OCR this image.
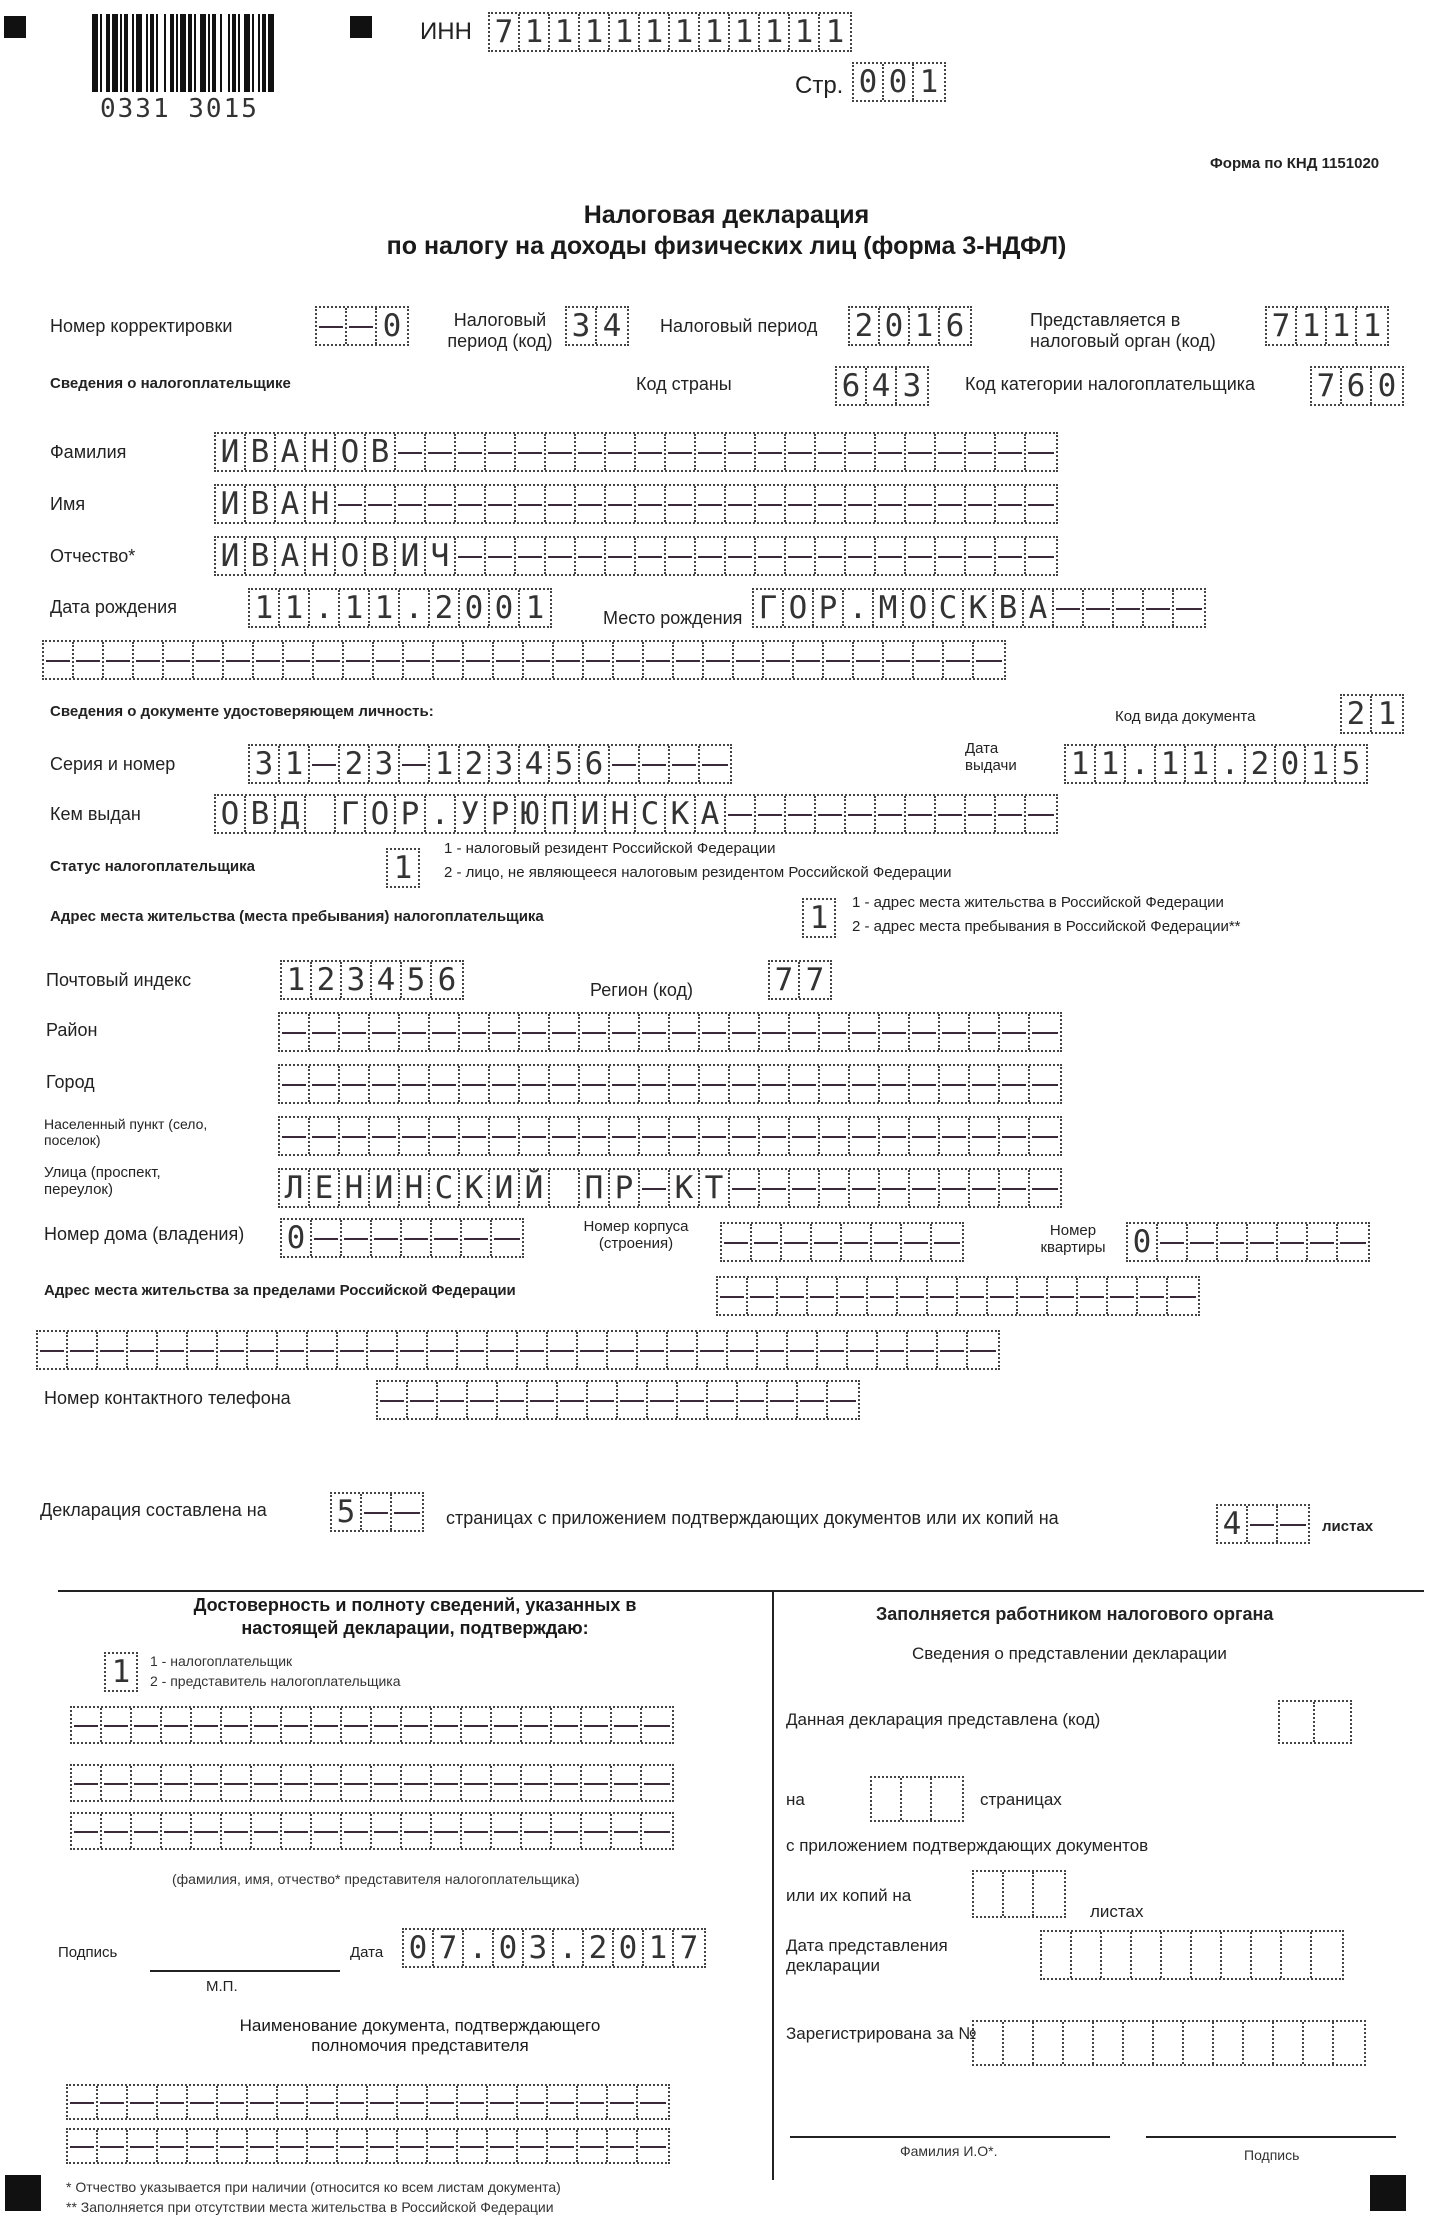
0331 3015
ИНН 7 1 1 1 1 1 1 1 1 1 1 1
Стр. 0 0 1
Форма по КНД 1151020
Налоговая декларация
по налогу на доходы физических лиц (форма 3-НДФЛ)
Номер корректировки	0	Налоговый период (код) 3 4	Налоговый период 2 0 1 6	Представляется в налоговый орган (код)	7 1 1 1
Сведения о налогоплательщике	Код страны	6 4 3	Код категории налогоплательщика 7 6 0
Фамилия	И В А Н О В
Имя	И В А Н
Отчество*	И В А Н О В И Ч
Дата рождения	1 1 . 1 1 . 2 0 0 1	Место рождения Г О Р . М О С К В А
Сведения о документе удостоверяющем личность:	Код вида документа	2 1
Серия и номер	3 1 2 3 1 2 3 4 5 6	Дата выдачи	1 1 . 1 1 . 2 0 1 5
Кем выдан	О В Д Г О Р . У Р Ю П И Н С К А
Статус налогоплательщика	1
1 - налоговый резидент Российской Федерации
2 - лицо, не являющееся налоговым резидентом Российской Федерации
Адрес места жительства (места пребывания) налогоплательщика	1	1 - адрес места жительства в Российской Федерации
2 - адрес места пребывания в Российской Федерации**
Почтовый индекс	1 2 3 4 5 6	Регион (код)	7 7
Район
Город
Населенный пункт (село, поселок)
Улица (проспект, переулок)	Л Е Н И Н С К И Й П Р К Т
Номер дома (владения) 0	Номер корпуса (строения)
Номер квартиры 0
Адрес места жительства за пределами Российской Федерации
Номер контактного телефона
Декларация составлена на 5	страницах с приложением подтверждающих документов или их копий на	4	листах
Достоверность и полноту сведений, указанных в настоящей декларации, подтверждаю:
1	1 - налогоплательщик
2 - представитель налогоплательщика
(фамилия, имя, отчество* представителя налогоплательщика)
Подпись
М.П.
Дата 0 7 . 0 3 . 2 0 1 7
Наименование документа, подтверждающего полномочия представителя
* Отчество указывается при наличии (относится ко всем листам документа)
** Заполняется при отсутствии места жительства в Российской Федерации
Заполняется работником налогового органа
Сведения о представлении декларации
Данная декларация представлена (код)
на	страницах
с приложением подтверждающих документов
или их копий на
листах
Дата представления декларации
Зарегистрирована за №
Фамилия И.О*.	Подпись
